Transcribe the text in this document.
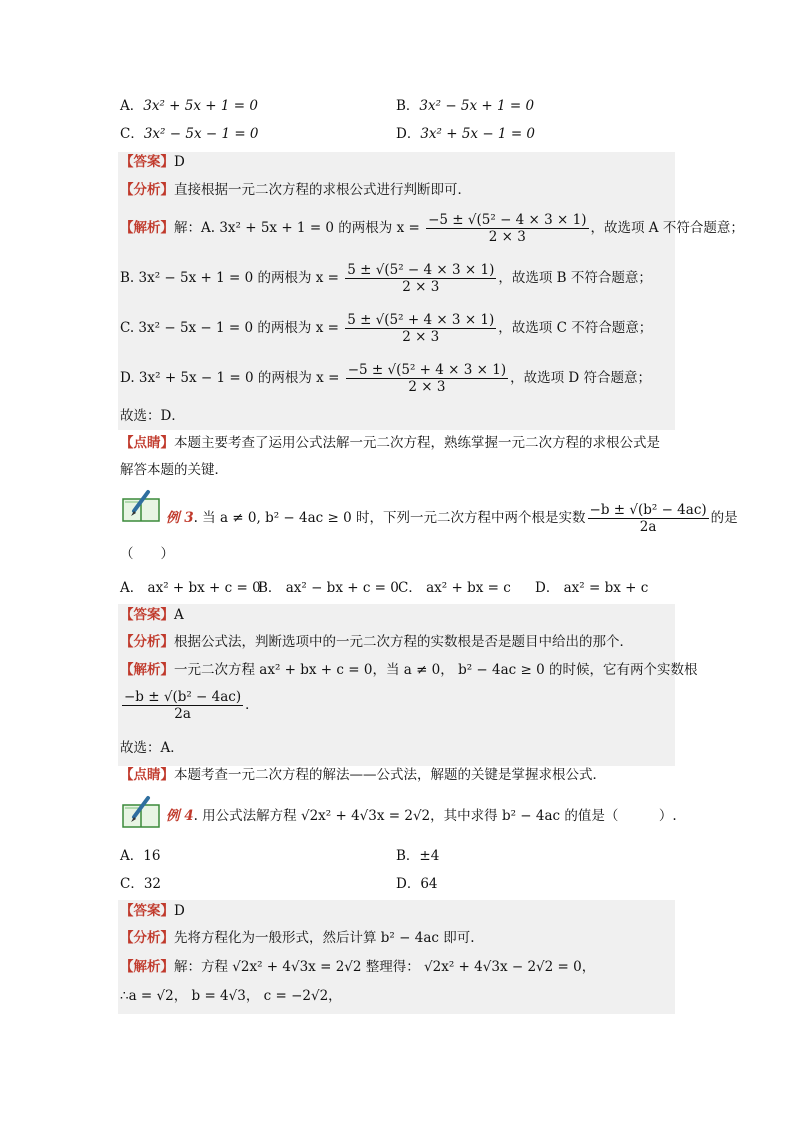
A．3x² + 5x + 1 = 0	B．3x² − 5x + 1 = 0
C．3x² − 5x − 1 = 0	D．3x² + 5x − 1 = 0
【答案】D
【分析】直接根据一元二次方程的求根公式进行判断即可．
【解析】解：A. 3x² + 5x + 1 = 0 的两根为 $x = \frac{\text{−5 ± √(5² − 4 × 3 × 1)}}{2 \times 3}$ ，故选项 A 不符合题意；
B. 3x² − 5x + 1 = 0 的两根为 $x = \frac{\text{5 ± √(5² − 4 × 3 × 1)}}{2 \times 3}$ ，故选项 B 不符合题意；
C. 3x² − 5x − 1 = 0 的两根为 $x = \frac{\text{5 ± √(5² + 4 × 3 × 1)}}{2 \times 3}$ ，故选项 C 不符合题意；
D. 3x² + 5x − 1 = 0 的两根为 $x = \frac{\text{−5 ± √(5² + 4 × 3 × 1)}}{2 \times 3}$ ，故选项 D 符合题意；
故选：D．
【点睛】本题主要考查了运用公式法解一元二次方程，熟练掌握一元二次方程的求根公式是
解答本题的关键．
例 3. 当 a ≠ 0, b² − 4ac ≥ 0 时，下列一元二次方程中两个根是实数 $\frac{\text{−b ± √(b² − 4ac)}}{2a}$ 的是
（　　）
A． ax² + bx + c = 0
B． ax² − bx + c = 0 C． ax² + bx = c D． ax² = bx + c
【答案】A
【分析】根据公式法，判断选项中的一元二次方程的实数根是否是题目中给出的那个．
【解析】一元二次方程 ax² + bx + c = 0，当 a ≠ 0， b² − 4ac ≥ 0 的时候，它有两个实数根
$\frac{\text{−b ± √(b² − 4ac)}}{2a}$ ．
故选：A．
【点睛】本题考查一元二次方程的解法——公式法，解题的关键是掌握求根公式．
例 4. 用公式法解方程 √2x² + 4√3x = 2√2，其中求得 b² − 4ac 的值是（　　　）.
A．16	B．±4
C．32	D．64
【答案】D
【分析】先将方程化为一般形式，然后计算 b² − 4ac 即可.
【解析】解：方程 √2x² + 4√3x = 2√2 整理得： √2x² + 4√3x − 2√2 = 0，
∴a = √2， b = 4√3， c = −2√2，
